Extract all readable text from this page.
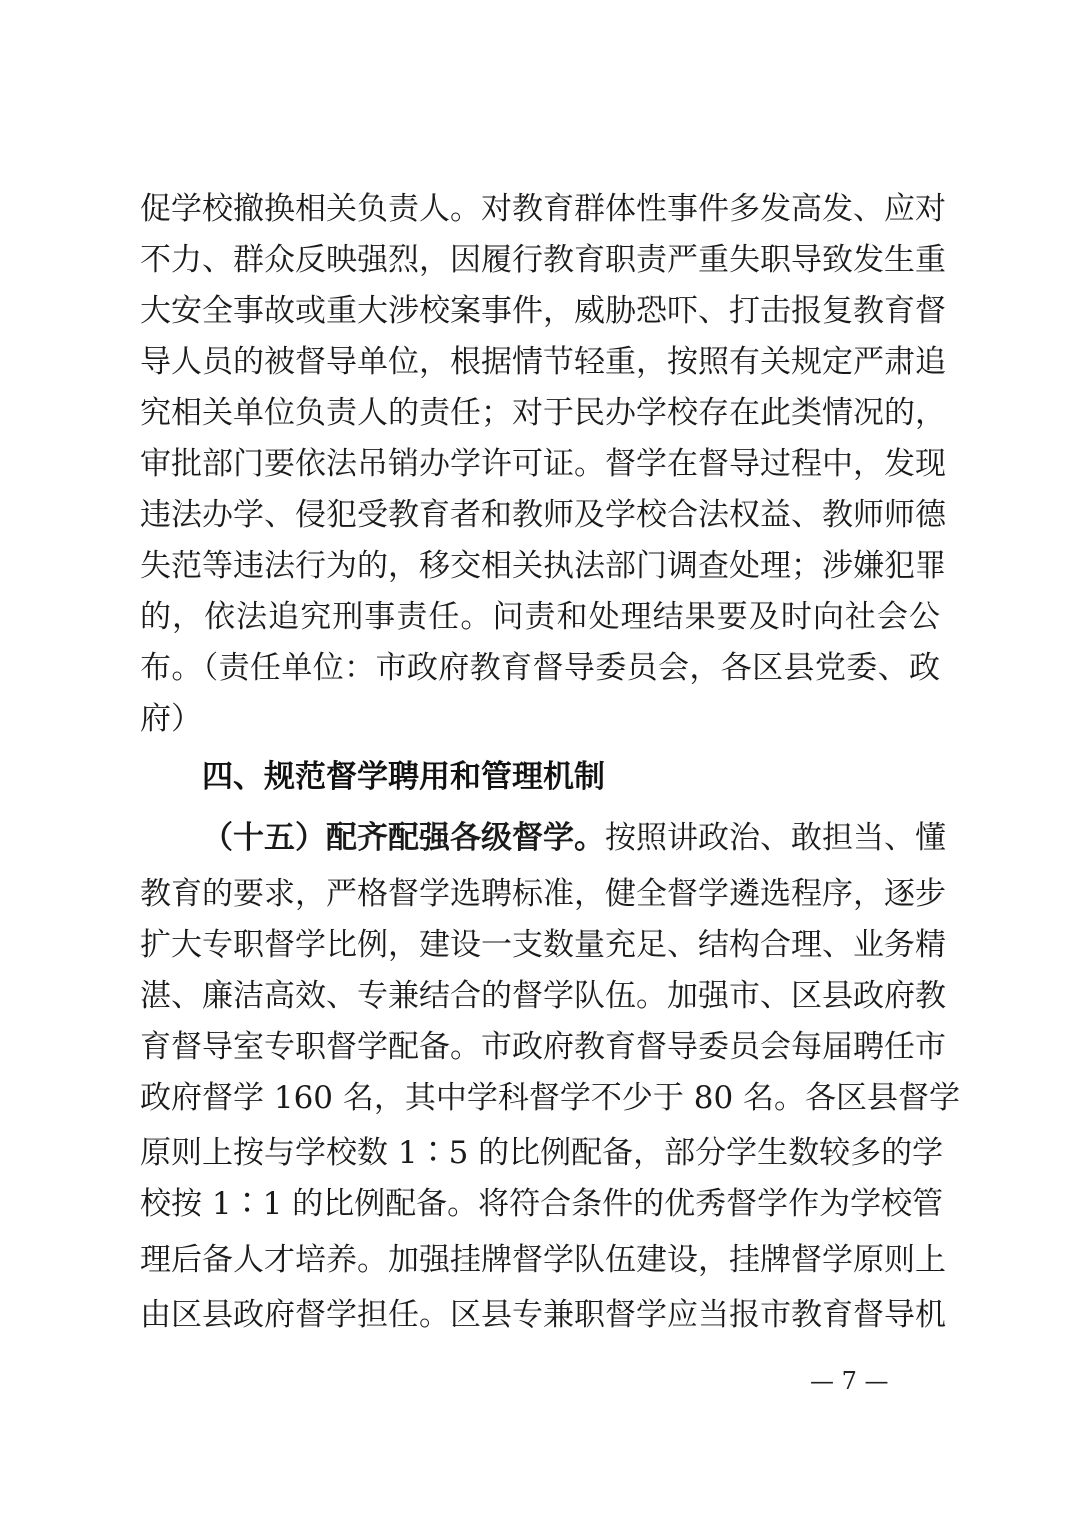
促学校撤换相关负责人。对教育群体性事件多发高发、应对
不力、群众反映强烈，因履行教育职责严重失职导致发生重
大安全事故或重大涉校案事件，威胁恐吓、打击报复教育督
导人员的被督导单位，根据情节轻重，按照有关规定严肃追
究相关单位负责人的责任；对于民办学校存在此类情况的，
审批部门要依法吊销办学许可证。督学在督导过程中，发现
违法办学、侵犯受教育者和教师及学校合法权益、教师师德
失范等违法行为的，移交相关执法部门调查处理；涉嫌犯罪
的，依法追究刑事责任。问责和处理结果要及时向社会公
布。（责任单位：市政府教育督导委员会，各区县党委、政
府）
四、规范督学聘用和管理机制
（十五）配齐配强各级督学。按照讲政治、敢担当、懂
教育的要求，严格督学选聘标准，健全督学遴选程序，逐步
扩大专职督学比例，建设一支数量充足、结构合理、业务精
湛、廉洁高效、专兼结合的督学队伍。加强市、区县政府教
育督导室专职督学配备。市政府教育督导委员会每届聘任市
政府督学 160 名，其中学科督学不少于 80 名。各区县督学
原则上按与学校数 1∶5 的比例配备，部分学生数较多的学
校按 1∶1 的比例配备。将符合条件的优秀督学作为学校管
理后备人才培养。加强挂牌督学队伍建设，挂牌督学原则上
由区县政府督学担任。区县专兼职督学应当报市教育督导机
— 7 —
